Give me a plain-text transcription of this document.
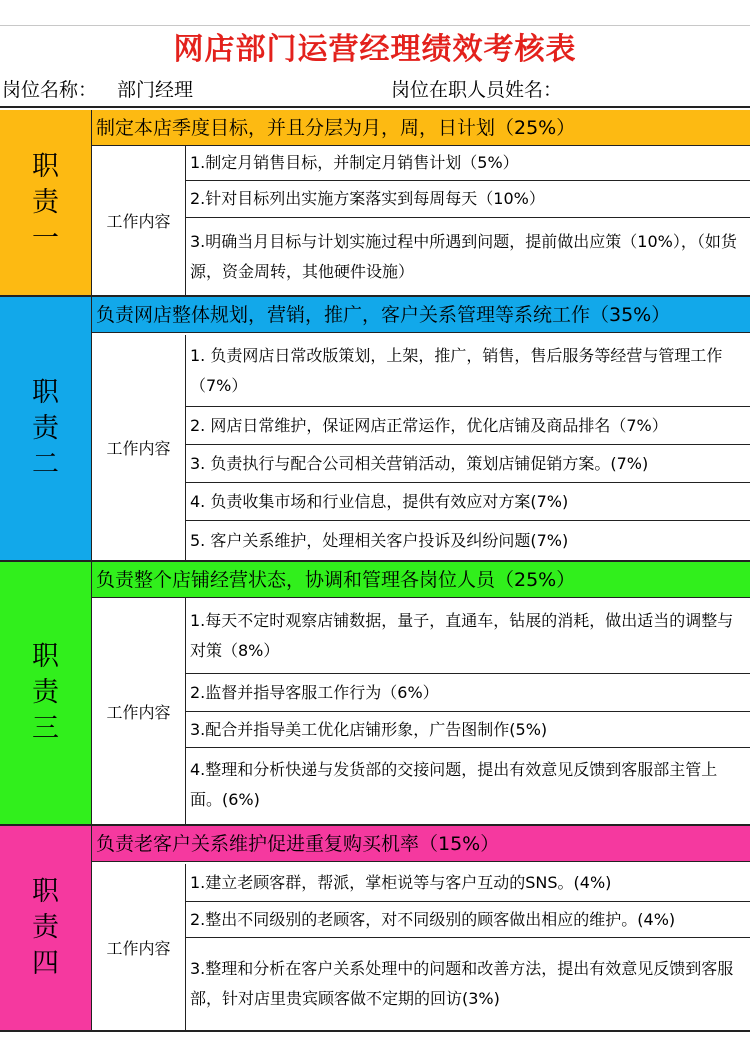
网店部门运营经理绩效考核表
岗位名称： 部门经理	岗位在职人员姓名：
职
责
一
制定本店季度目标，并且分层为月，周，日计划（25%）
工作内容
1.制定月销售目标，并制定月销售计划（5%）
2.针对目标列出实施方案落实到每周每天（10%）
3.明确当月目标与计划实施过程中所遇到问题，提前做出应策（10%），（如货源，资金周转，其他硬件设施）
职
责
二
负责网店整体规划，营销，推广，客户关系管理等系统工作（35%）
工作内容
1. 负责网店日常改版策划，上架，推广，销售，售后服务等经营与管理工作（7%）
2. 网店日常维护，保证网店正常运作，优化店铺及商品排名（7%）
3. 负责执行与配合公司相关营销活动，策划店铺促销方案。(7%)
4. 负责收集市场和行业信息，提供有效应对方案(7%)
5. 客户关系维护，处理相关客户投诉及纠纷问题(7%)
职
责
三
负责整个店铺经营状态，协调和管理各岗位人员（25%）
工作内容
1.每天不定时观察店铺数据，量子，直通车，钻展的消耗，做出适当的调整与对策（8%）
2.监督并指导客服工作行为（6%）
3.配合并指导美工优化店铺形象，广告图制作(5%)
4.整理和分析快递与发货部的交接问题，提出有效意见反馈到客服部主管上面。(6%)
职
责
四
负责老客户关系维护促进重复购买机率（15%）
工作内容
1.建立老顾客群，帮派，掌柜说等与客户互动的SNS。(4%)
2.整出不同级别的老顾客，对不同级别的顾客做出相应的维护。(4%)
3.整理和分析在客户关系处理中的问题和改善方法，提出有效意见反馈到客服部，针对店里贵宾顾客做不定期的回访(3%)
